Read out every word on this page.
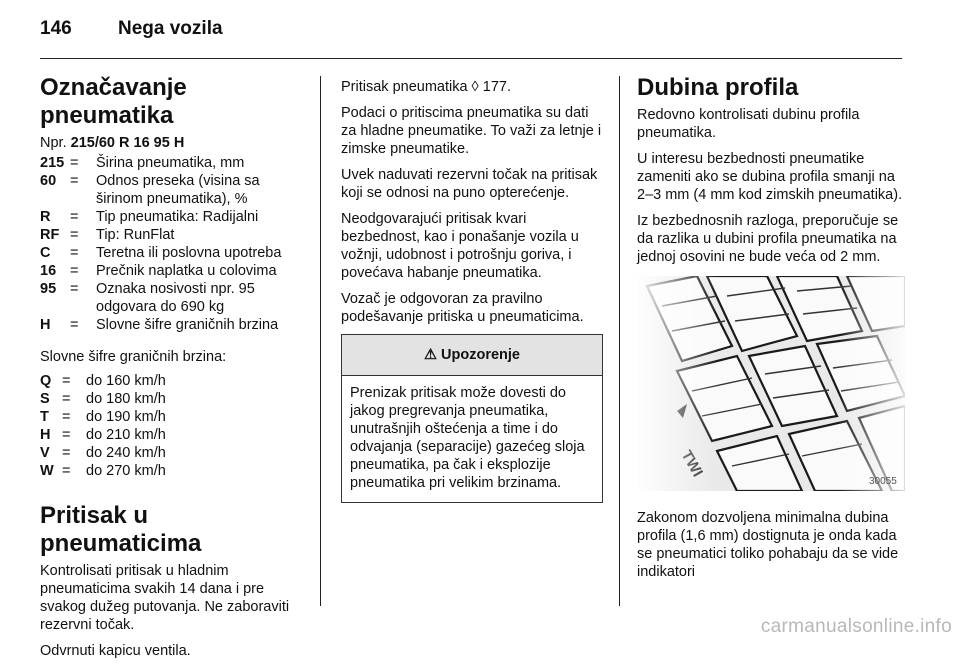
146 Nega vozila
Označavanje pneumatika

Npr. 215/60 R 16 95 H

215	=	Širina pneumatika, mm
60	=	Odnos preseka (visina sa širinom pneumatika), %
R	=	Tip pneumatika: Radijalni
RF	=	Tip: RunFlat
C	=	Teretna ili poslovna upotreba
16	=	Prečnik naplatka u colovima
95	=	Oznaka nosivosti npr. 95 odgovara do 690 kg
H	=	Slovne šifre graničnih brzina

Slovne šifre graničnih brzina:

Q	=	do 160 km/h
S	=	do 180 km/h
T	=	do 190 km/h
H	=	do 210 km/h
V	=	do 240 km/h
W	=	do 270 km/h
Pritisak u pneumaticima

Kontrolisati pritisak u hladnim pneumaticima svakih 14 dana i pre svakog dužeg putovanja. Ne zaboraviti rezervni točak.

Odvrnuti kapicu ventila.

Pritisak pneumatika ◊ 177.

Podaci o pritiscima pneumatika su dati za hladne pneumatike. To važi za letnje i zimske pneumatike.

Uvek naduvati rezervni točak na pritisak koji se odnosi na puno opterećenje.

Neodgovarajući pritisak kvari bezbednost, kao i ponašanje vozila u vožnji, udobnost i potrošnju goriva, i povećava habanje pneumatika.

Vozač je odgovoran za pravilno podešavanje pritiska u pneumaticima.

⚠ Upozorenje
Prenizak pritisak može dovesti do jakog pregrevanja pneumatika, unutrašnjih oštećenja a time i do odvajanja (separacije) gazećeg sloja pneumatika, pa čak i eksplozije pneumatika pri velikim brzinama.
Dubina profila

Redovno kontrolisati dubinu profila pneumatika.

U interesu bezbednosti pneumatike zameniti ako se dubina profila smanji na 2–3 mm (4 mm kod zimskih pneumatika).

Iz bezbednosnih razloga, preporučuje se da razlika u dubini profila pneumatika na jednoj osovini ne bude veća od 2 mm.

30055

Zakonom dozvoljena minimalna dubina profila (1,6 mm) dostignuta je onda kada se pneumatici toliko pohabaju da se vide indikatori

carmanualsonline.info
